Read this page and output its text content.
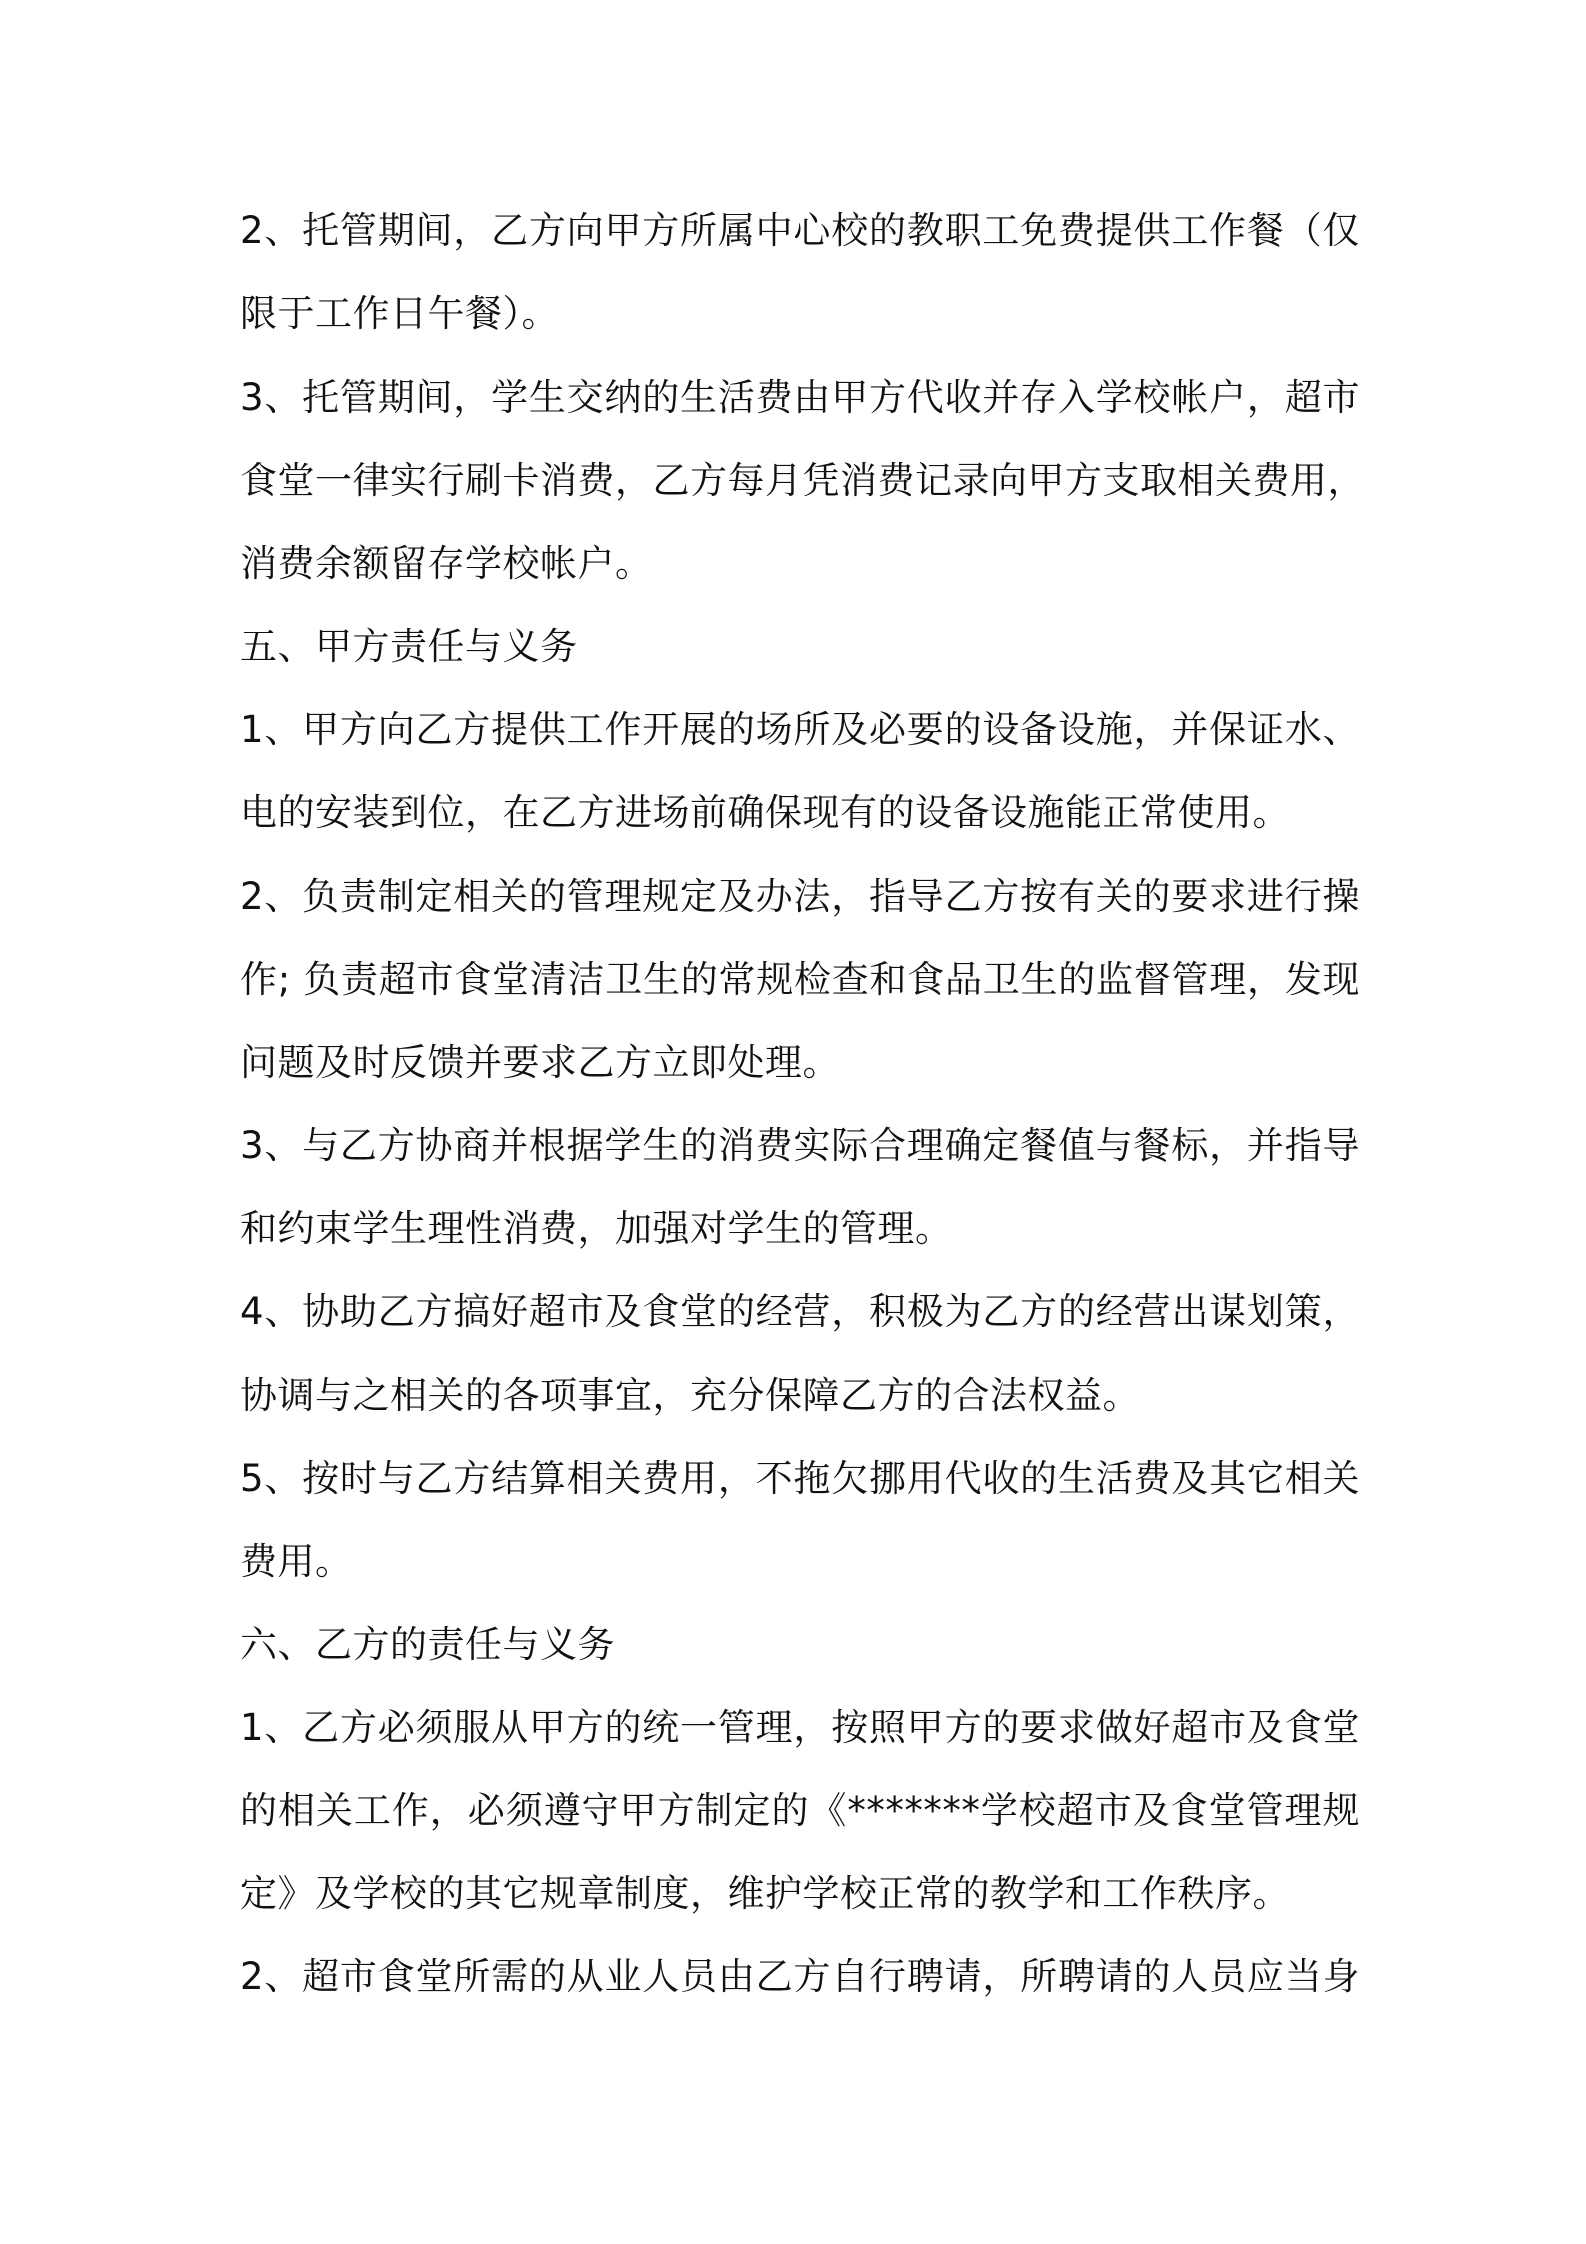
2、托管期间，乙方向甲方所属中心校的教职工免费提供工作餐（仅
限于工作日午餐）。
3、托管期间，学生交纳的生活费由甲方代收并存入学校帐户，超市
食堂一律实行刷卡消费，乙方每月凭消费记录向甲方支取相关费用，
消费余额留存学校帐户。
五、甲方责任与义务
1、甲方向乙方提供工作开展的场所及必要的设备设施，并保证水、
电的安装到位，在乙方进场前确保现有的设备设施能正常使用。
2、负责制定相关的管理规定及办法，指导乙方按有关的要求进行操
作; 负责超市食堂清洁卫生的常规检查和食品卫生的监督管理，发现
问题及时反馈并要求乙方立即处理。
3、与乙方协商并根据学生的消费实际合理确定餐值与餐标，并指导
和约束学生理性消费，加强对学生的管理。
4、协助乙方搞好超市及食堂的经营，积极为乙方的经营出谋划策，
协调与之相关的各项事宜，充分保障乙方的合法权益。
5、按时与乙方结算相关费用，不拖欠挪用代收的生活费及其它相关
费用。
六、乙方的责任与义务
1、乙方必须服从甲方的统一管理，按照甲方的要求做好超市及食堂
的相关工作，必须遵守甲方制定的《*******学校超市及食堂管理规
定》及学校的其它规章制度，维护学校正常的教学和工作秩序。
2、超市食堂所需的从业人员由乙方自行聘请，所聘请的人员应当身
